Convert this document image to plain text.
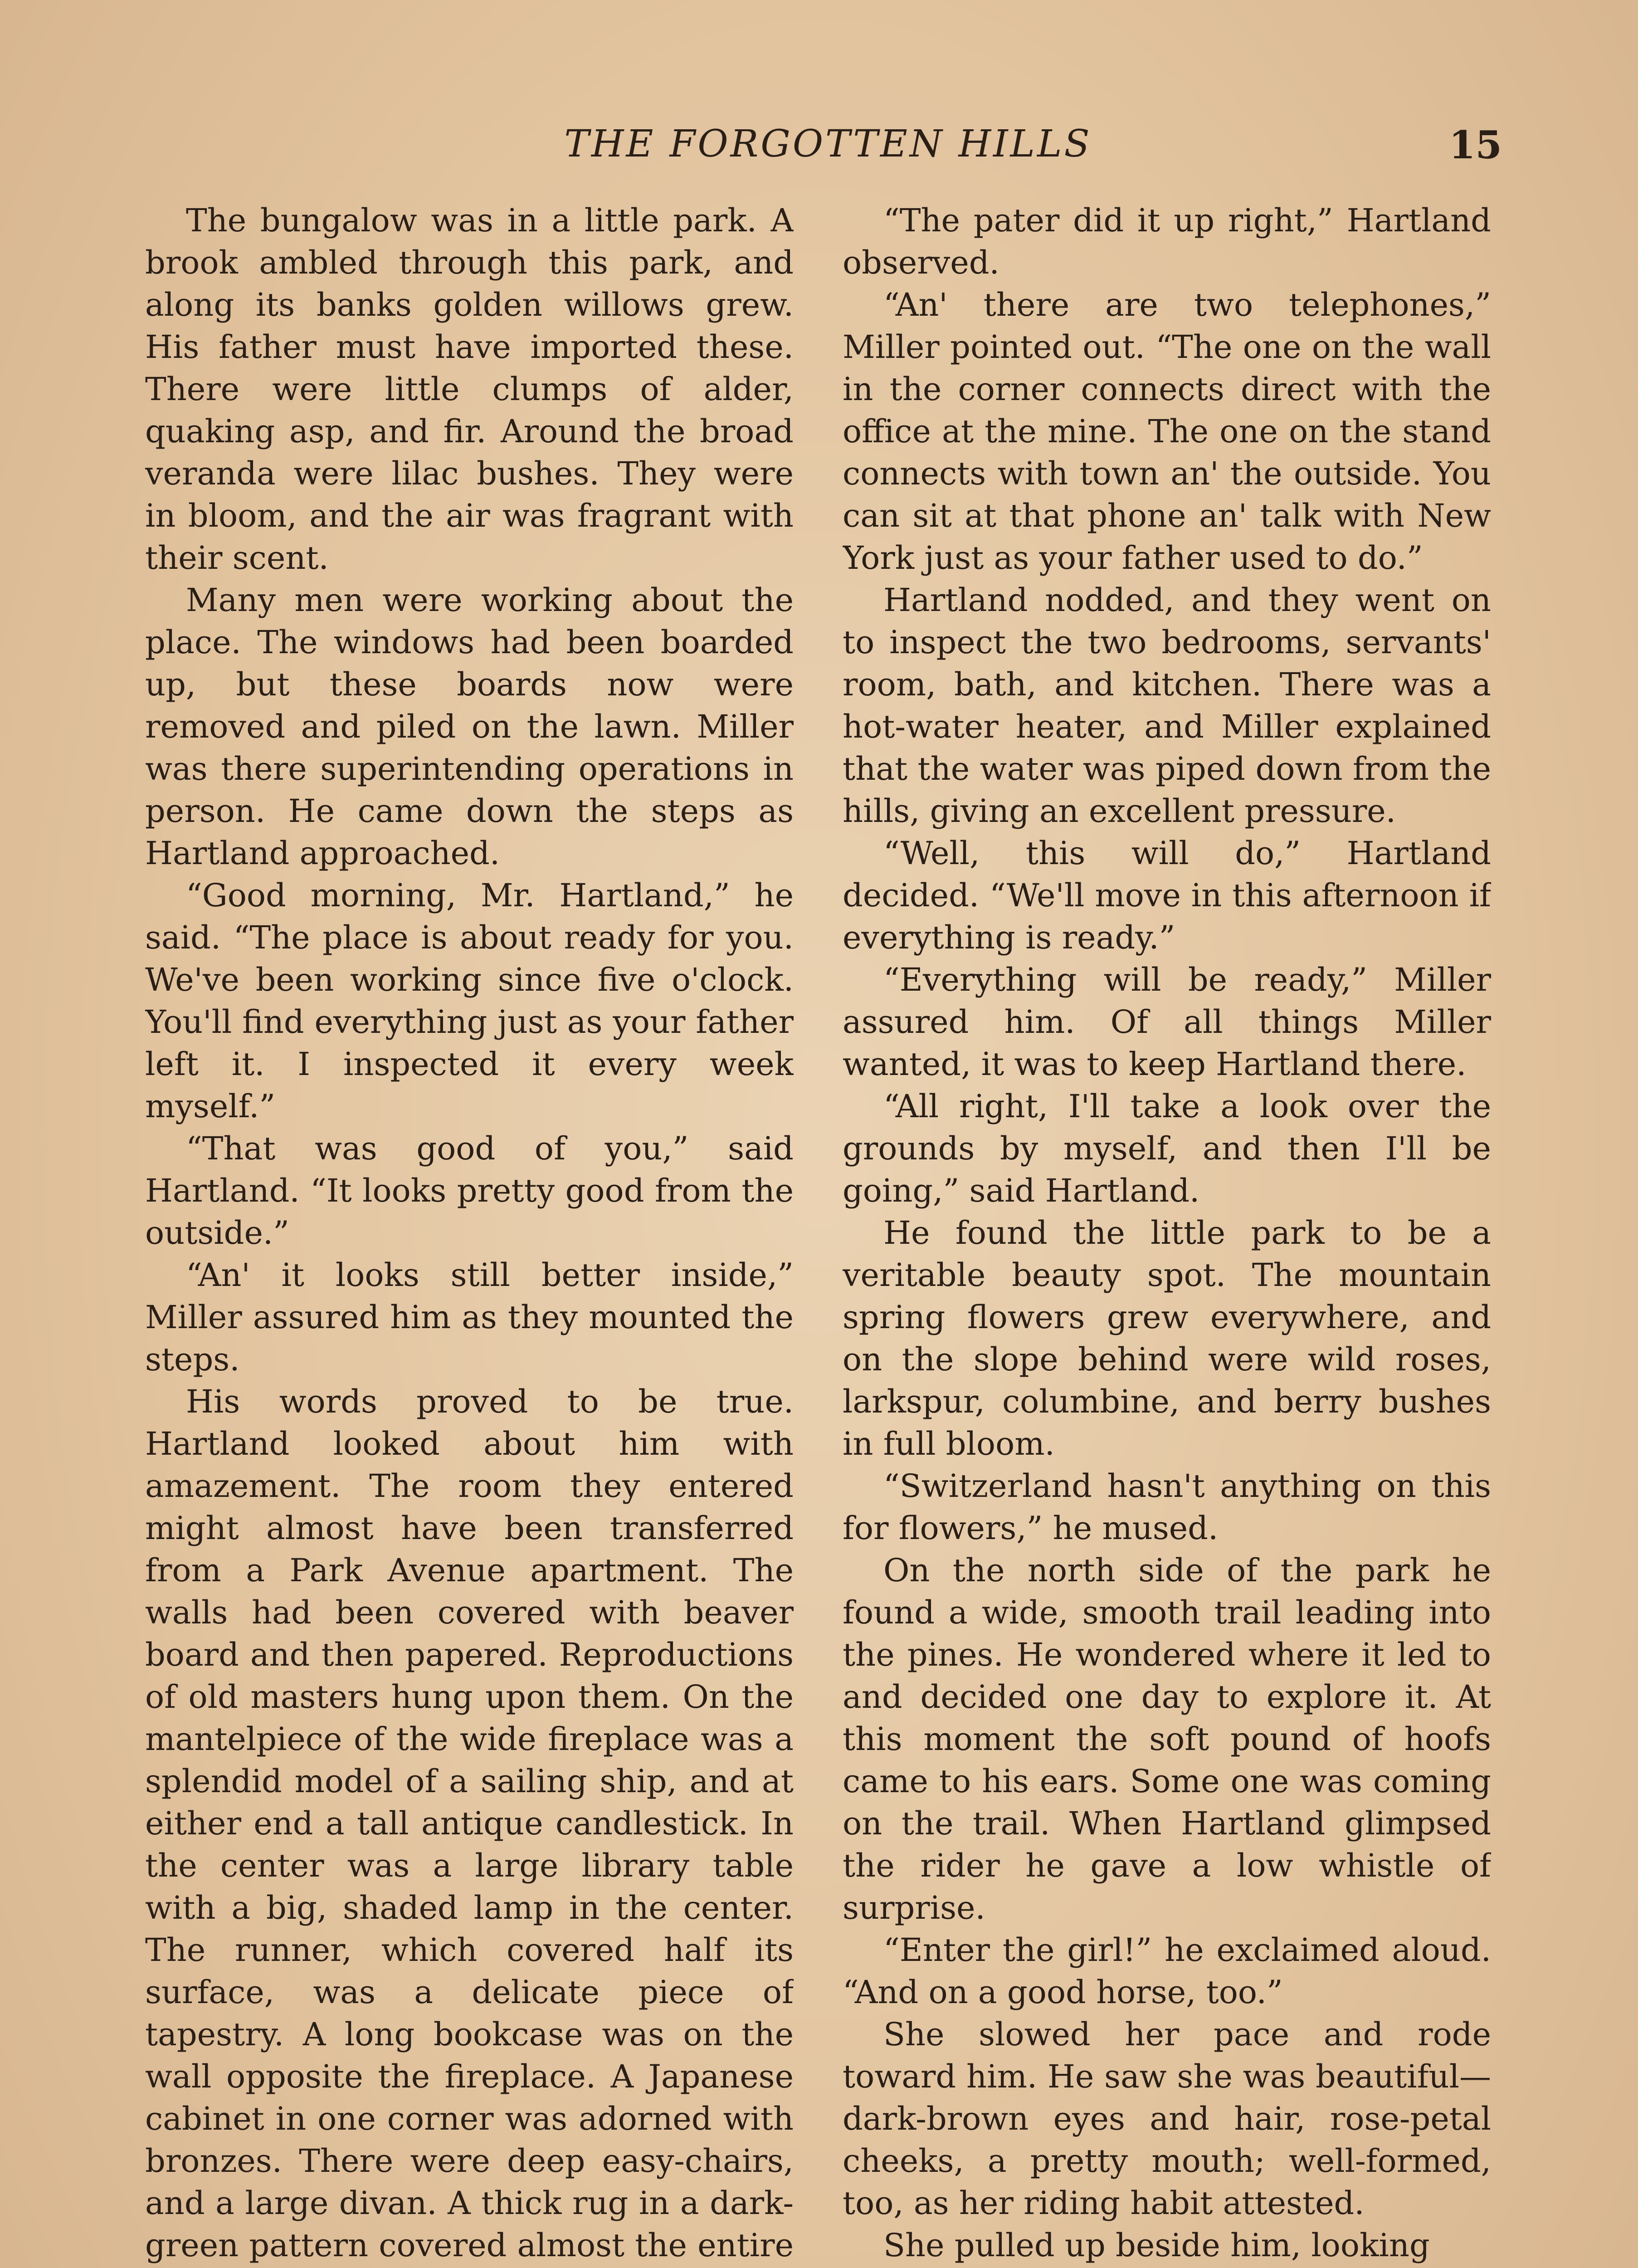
THE FORGOTTEN HILLS	15

The bungalow was in a little park. A brook ambled through this park, and along its banks golden willows grew. His father must have imported these. There were little clumps of alder, quaking asp, and fir. Around the broad veranda were lilac bushes. They were in bloom, and the air was fragrant with their scent.

Many men were working about the place. The windows had been boarded up, but these boards now were removed and piled on the lawn. Miller was there superintending operations in person. He came down the steps as Hartland approached.

“Good morning, Mr. Hartland,” he said. “The place is about ready for you. We've been working since five o'clock. You'll find everything just as your father left it. I inspected it every week myself.”

“That was good of you,” said Hartland. “It looks pretty good from the outside.”

“An' it looks still better inside,” Miller assured him as they mounted the steps.

His words proved to be true. Hartland looked about him with amazement. The room they entered might almost have been transferred from a Park Avenue apartment. The walls had been covered with beaver board and then papered. Reproductions of old masters hung upon them. On the mantelpiece of the wide fireplace was a splendid model of a sailing ship, and at either end a tall antique candlestick. In the center was a large library table with a big, shaded lamp in the center. The runner, which covered half its surface, was a delicate piece of tapestry. A long bookcase was on the wall opposite the fireplace. A Japanese cabinet in one corner was adorned with bronzes. There were deep easy-chairs, and a large divan. A thick rug in a dark-green pattern covered almost the entire

“The pater did it up right,” Hartland observed.

“An' there are two telephones,” Miller pointed out. “The one on the wall in the corner connects direct with the office at the mine. The one on the stand connects with town an' the outside. You can sit at that phone an' talk with New York just as your father used to do.”

Hartland nodded, and they went on to inspect the two bedrooms, servants' room, bath, and kitchen. There was a hot-water heater, and Miller explained that the water was piped down from the hills, giving an excellent pressure.

“Well, this will do,” Hartland decided. “We'll move in this afternoon if everything is ready.”

“Everything will be ready,” Miller assured him. Of all things Miller wanted, it was to keep Hartland there.

“All right, I'll take a look over the grounds by myself, and then I'll be going,” said Hartland.

He found the little park to be a veritable beauty spot. The mountain spring flowers grew everywhere, and on the slope behind were wild roses, larkspur, columbine, and berry bushes in full bloom.

“Switzerland hasn't anything on this for flowers,” he mused.

On the north side of the park he found a wide, smooth trail leading into the pines. He wondered where it led to and decided one day to explore it. At this moment the soft pound of hoofs came to his ears. Some one was coming on the trail. When Hartland glimpsed the rider he gave a low whistle of surprise.

“Enter the girl!” he exclaimed aloud. “And on a good horse, too.”

She slowed her pace and rode toward him. He saw she was beautiful—dark-brown eyes and hair, rose-petal cheeks, a pretty mouth; well-formed, too, as her riding habit attested.

She pulled up beside him, looking
